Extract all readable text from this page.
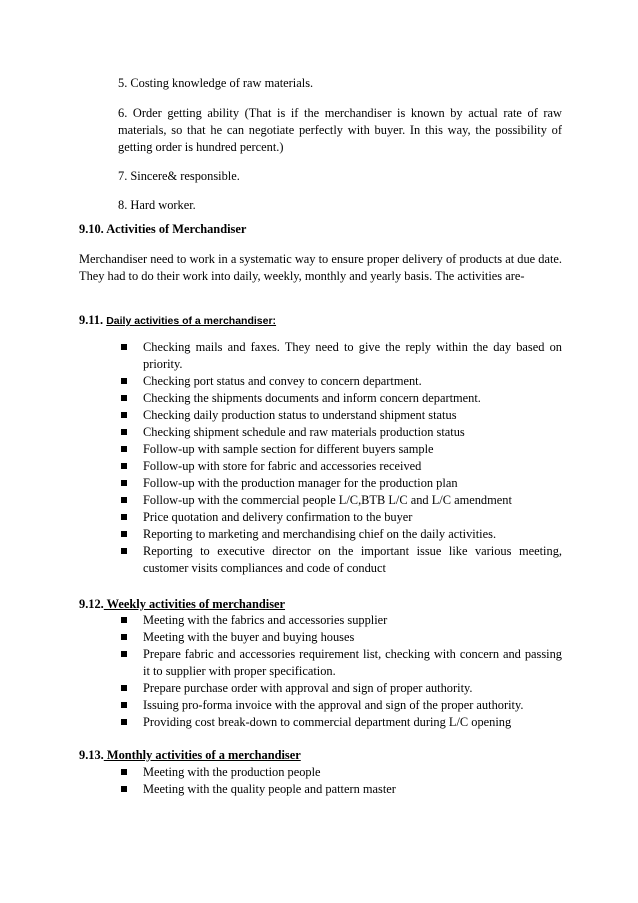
5. Costing knowledge of raw materials.

6. Order getting ability (That is if the merchandiser is known by actual rate of raw materials, so that he can negotiate perfectly with buyer. In this way, the possibility of getting order is hundred percent.)

7. Sincere& responsible.

8. Hard worker.

9.10. Activities of Merchandiser

Merchandiser need to work in a systematic way to ensure proper delivery of products at due date. They had to do their work into daily, weekly, monthly and yearly basis. The activities are-

9.11. Daily activities of a merchandiser:

Checking mails and faxes. They need to give the reply within the day based on priority.
Checking port status and convey to concern department.
Checking the shipments documents and inform concern department.
Checking daily production status to understand shipment status
Checking shipment schedule and raw materials production status
Follow-up with sample section for different buyers sample
Follow-up with store for fabric and accessories received
Follow-up with the production manager for the production plan
Follow-up with the commercial people L/C,BTB L/C and L/C amendment
Price quotation and delivery confirmation to the buyer
Reporting to marketing and merchandising chief on the daily activities.
Reporting to executive director on the important issue like various meeting, customer visits compliances and code of conduct

9.12. Weekly activities of merchandiser

Meeting with the fabrics and accessories supplier
Meeting with the buyer and buying houses
Prepare fabric and accessories requirement list, checking with concern and passing it to supplier with proper specification.
Prepare purchase order with approval and sign of proper authority.
Issuing pro-forma invoice with the approval and sign of the proper authority.
Providing cost break-down to commercial department during L/C opening

9.13. Monthly activities of a merchandiser

Meeting with the production people
Meeting with the quality people and pattern master
